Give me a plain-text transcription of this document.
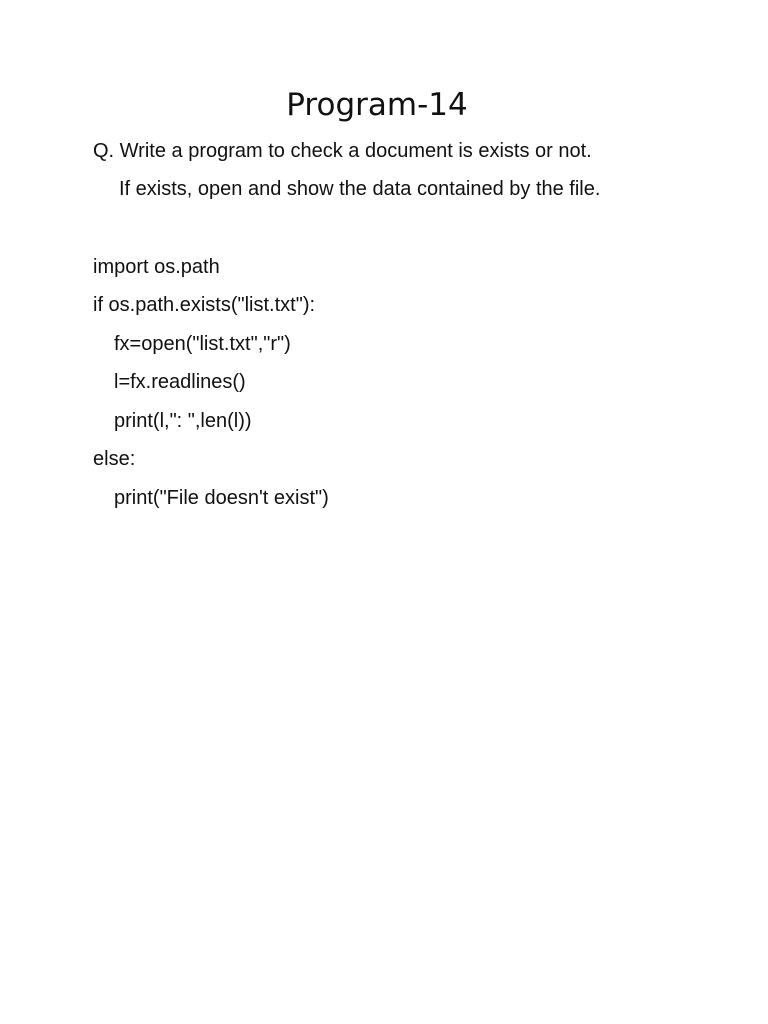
Program-14
Q. Write a program to check a document is exists or not.
If exists, open and show the data contained by the file.
import os.path
if os.path.exists("list.txt"):
fx=open("list.txt","r")
l=fx.readlines()
print(l,": ",len(l))
else:
print("File doesn't exist")
